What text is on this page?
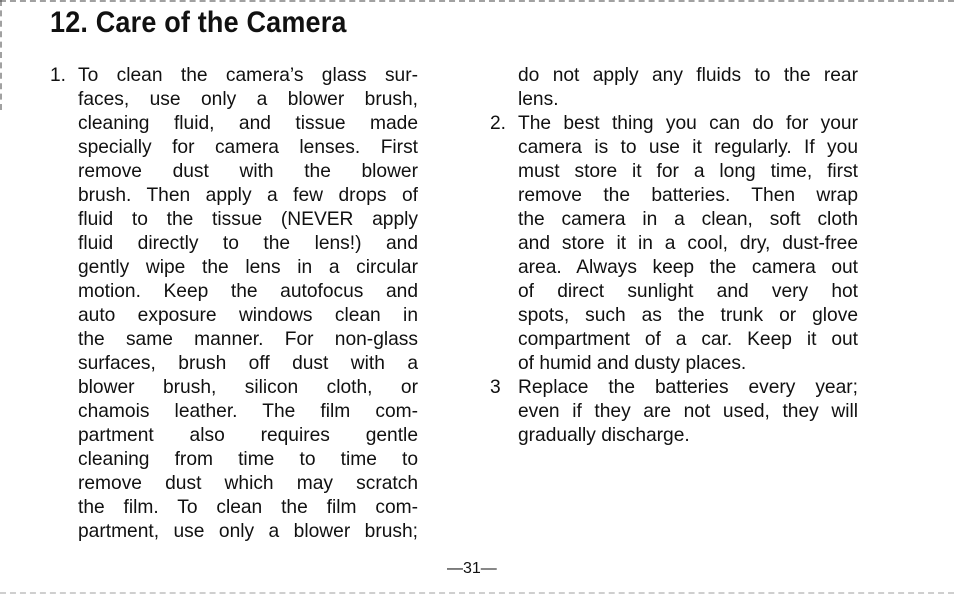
12. Care of the Camera
1. To clean the camera’s glass sur-
faces, use only a blower brush,
cleaning fluid, and tissue made
specially for camera lenses. First
remove dust with the blower
brush. Then apply a few drops of
fluid to the tissue (NEVER apply
fluid directly to the lens!) and
gently wipe the lens in a circular
motion. Keep the autofocus and
auto exposure windows clean in
the same manner. For non-glass
surfaces, brush off dust with a
blower brush, silicon cloth, or
chamois leather. The film com-
partment also requires gentle
cleaning from time to time to
remove dust which may scratch
the film. To clean the film com-
partment, use only a blower brush;
do not apply any fluids to the rear
lens.
2. The best thing you can do for your
camera is to use it regularly. If you
must store it for a long time, first
remove the batteries. Then wrap
the camera in a clean, soft cloth
and store it in a cool, dry, dust-free
area. Always keep the camera out
of direct sunlight and very hot
spots, such as the trunk or glove
compartment of a car. Keep it out
of humid and dusty places.
3 Replace the batteries every year;
even if they are not used, they will
gradually discharge.
—31—
